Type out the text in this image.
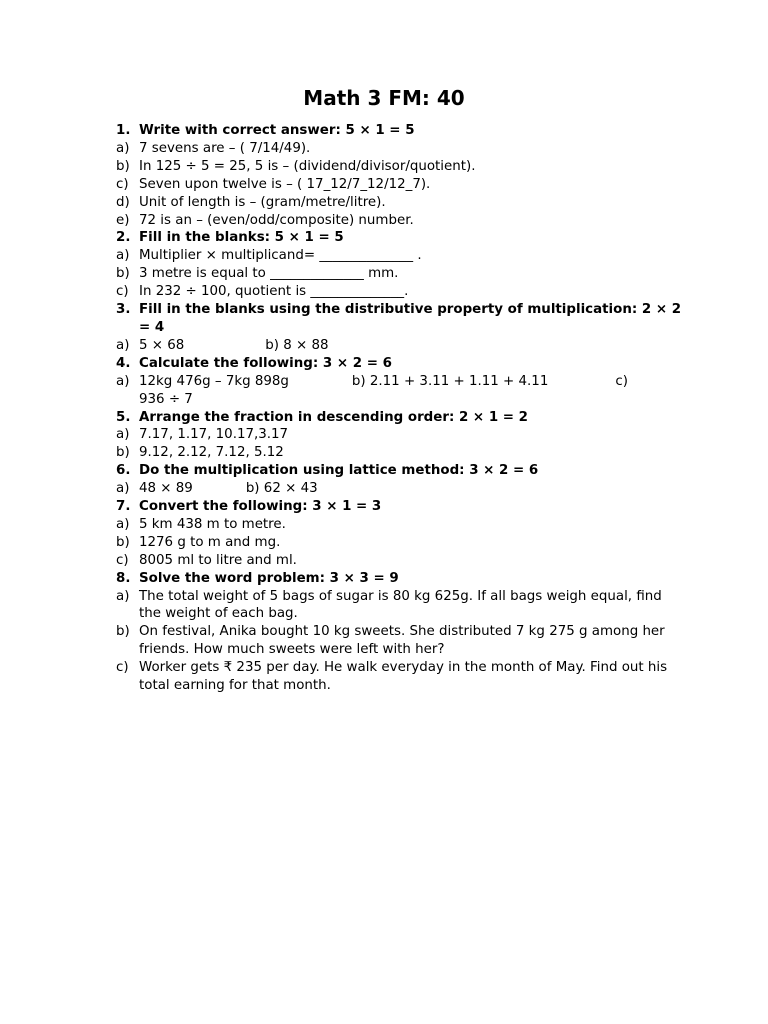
Math 3 FM: 40
1. Write with correct answer: 5 × 1 = 5
a) 7 sevens are – ( 7/14/49).
b) In 125 ÷ 5 = 25, 5 is – (dividend/divisor/quotient).
c) Seven upon twelve is – ( 17_12/7_12/12_7).
d) Unit of length is – (gram/metre/litre).
e) 72 is an – (even/odd/composite) number.
2. Fill in the blanks: 5 × 1 = 5
a) Multiplier × multiplicand= ______________ .
b) 3 metre is equal to ______________ mm.
c) In 232 ÷ 100, quotient is ______________.
3. Fill in the blanks using the distributive property of multiplication: 2 × 2 = 4
a) 5 × 68	b) 8 × 88
4. Calculate the following: 3 × 2 = 6
a) 12kg 476g – 7kg 898g	b) 2.11 + 3.11 + 1.11 + 4.11	c)
936 ÷ 7
5. Arrange the fraction in descending order: 2 × 1 = 2
a) 7.17, 1.17, 10.17,3.17
b) 9.12, 2.12, 7.12, 5.12
6. Do the multiplication using lattice method: 3 × 2 = 6
a) 48 × 89	b) 62 × 43
7. Convert the following: 3 × 1 = 3
a) 5 km 438 m to metre.
b) 1276 g to m and mg.
c) 8005 ml to litre and ml.
8. Solve the word problem: 3 × 3 = 9
a) The total weight of 5 bags of sugar is 80 kg 625g. If all bags weigh equal, find the weight of each bag.
b) On festival, Anika bought 10 kg sweets. She distributed 7 kg 275 g among her friends. How much sweets were left with her?
c) Worker gets ₹ 235 per day. He walk everyday in the month of May. Find out his total earning for that month.
